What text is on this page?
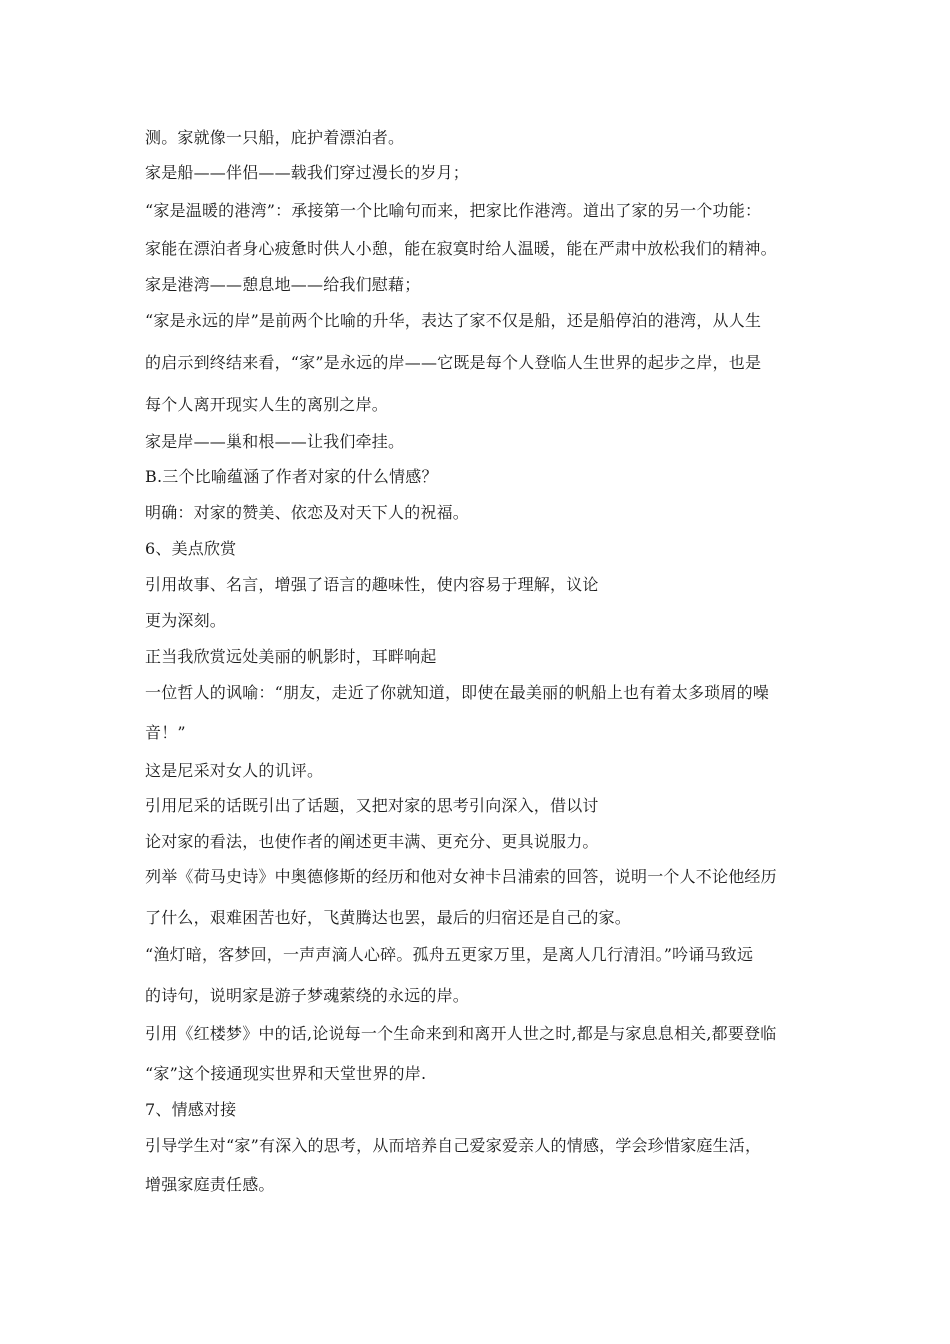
测。家就像一只船，庇护着漂泊者。
家是船——伴侣——载我们穿过漫长的岁月；
“家是温暖的港湾”：承接第一个比喻句而来，把家比作港湾。道出了家的另一个功能：
家能在漂泊者身心疲惫时供人小憩，能在寂寞时给人温暖，能在严肃中放松我们的精神。
家是港湾——憩息地——给我们慰藉；
“家是永远的岸”是前两个比喻的升华，表达了家不仅是船，还是船停泊的港湾，从人生
的启示到终结来看，“家”是永远的岸——它既是每个人登临人生世界的起步之岸，也是
每个人离开现实人生的离别之岸。
家是岸——巢和根——让我们牵挂。
B.三个比喻蕴涵了作者对家的什么情感？
明确：对家的赞美、依恋及对天下人的祝福。
6、美点欣赏
引用故事、名言，增强了语言的趣味性，使内容易于理解，议论
更为深刻。
正当我欣赏远处美丽的帆影时，耳畔响起
一位哲人的讽喻：“朋友，走近了你就知道，即使在最美丽的帆船上也有着太多琐屑的噪
音！”
这是尼采对女人的讥评。
引用尼采的话既引出了话题，又把对家的思考引向深入，借以讨
论对家的看法，也使作者的阐述更丰满、更充分、更具说服力。
列举《荷马史诗》中奥德修斯的经历和他对女神卡吕浦索的回答，说明一个人不论他经历
了什么，艰难困苦也好，飞黄腾达也罢，最后的归宿还是自己的家。
“渔灯暗，客梦回，一声声滴人心碎。孤舟五更家万里，是离人几行清泪。”吟诵马致远
的诗句，说明家是游子梦魂萦绕的永远的岸。
引用《红楼梦》中的话,论说每一个生命来到和离开人世之时,都是与家息息相关,都要登临
“家”这个接通现实世界和天堂世界的岸.
7、情感对接
引导学生对“家”有深入的思考，从而培养自己爱家爱亲人的情感，学会珍惜家庭生活，
增强家庭责任感。
